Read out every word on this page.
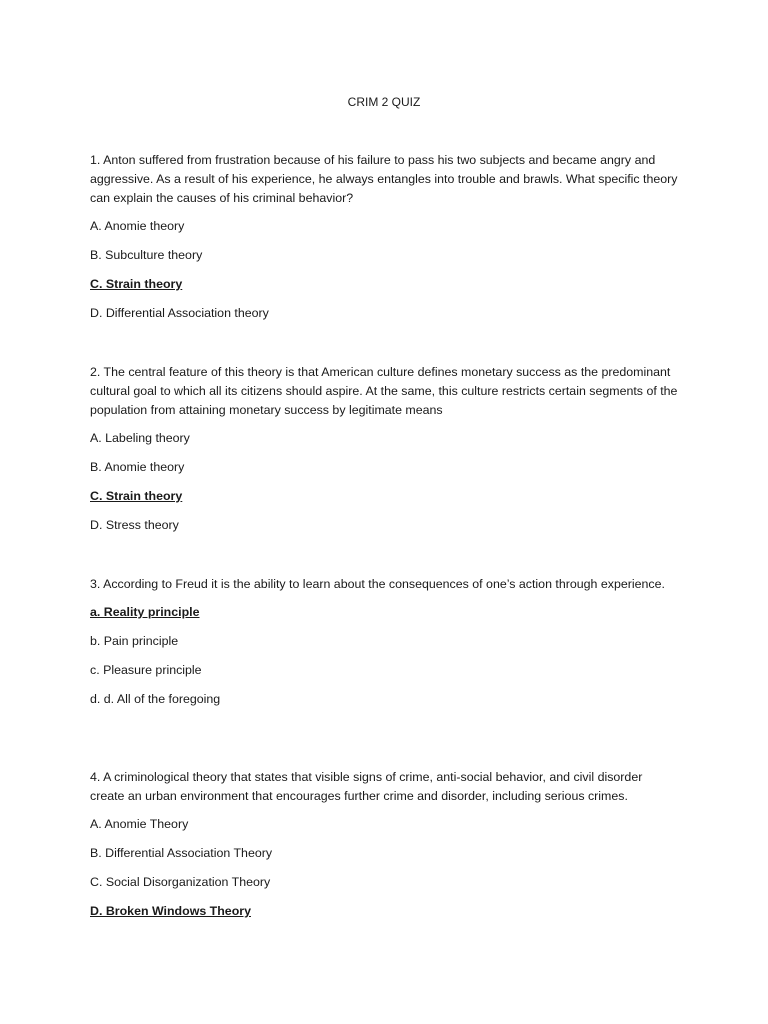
CRIM 2 QUIZ

1. Anton suffered from frustration because of his failure to pass his two subjects and became angry and aggressive. As a result of his experience, he always entangles into trouble and brawls. What specific theory can explain the causes of his criminal behavior?

A. Anomie theory

B. Subculture theory

C. Strain theory

D. Differential Association theory

2. The central feature of this theory is that American culture defines monetary success as the predominant cultural goal to which all its citizens should aspire. At the same, this culture restricts certain segments of the population from attaining monetary success by legitimate means

A. Labeling theory

B. Anomie theory

C. Strain theory

D. Stress theory

3. According to Freud it is the ability to learn about the consequences of one’s action through experience.

a. Reality principle

b. Pain principle

c. Pleasure principle

d. d. All of the foregoing

4. A criminological theory that states that visible signs of crime, anti-social behavior, and civil disorder create an urban environment that encourages further crime and disorder, including serious crimes.

A. Anomie Theory

B. Differential Association Theory

C. Social Disorganization Theory

D. Broken Windows Theory
